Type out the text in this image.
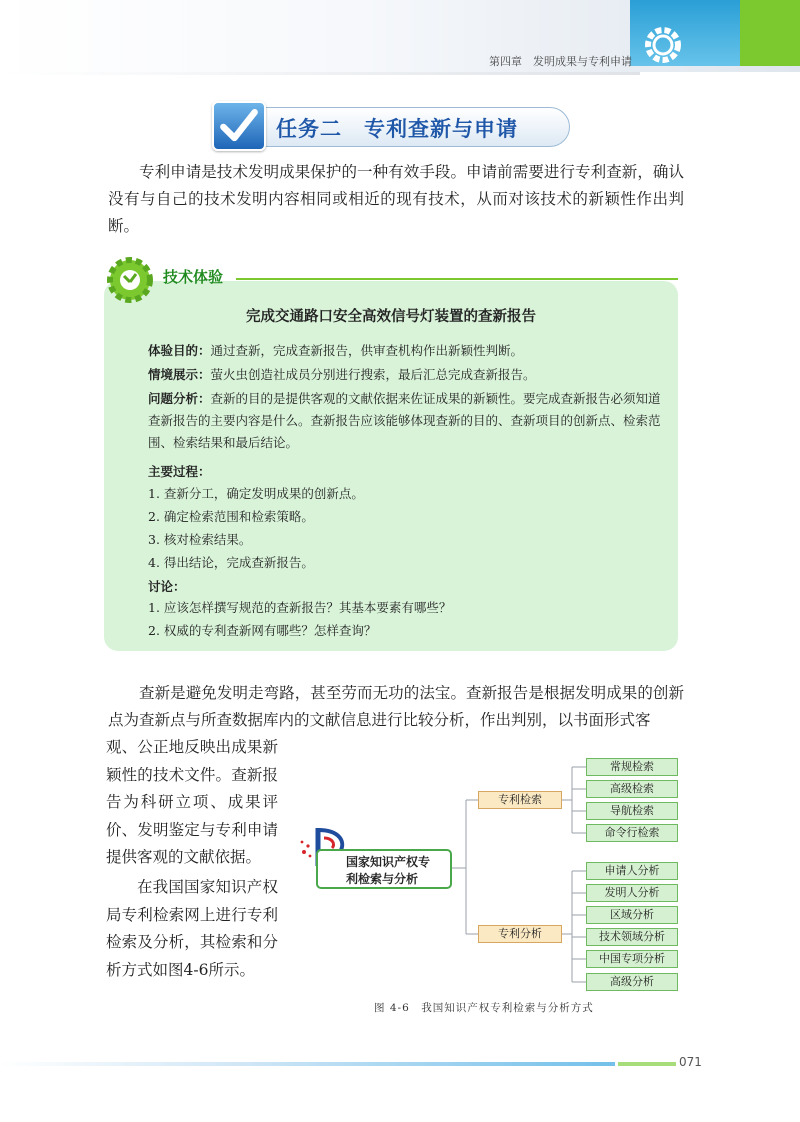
第四章　发明成果与专利申请
任务二　专利查新与申请
专利申请是技术发明成果保护的一种有效手段。申请前需要进行专利查新，确认没有与自己的技术发明内容相同或相近的现有技术，从而对该技术的新颖性作出判断。
技术体验
完成交通路口安全高效信号灯装置的查新报告
体验目的：通过查新，完成查新报告，供审查机构作出新颖性判断。
情境展示：萤火虫创造社成员分别进行搜索，最后汇总完成查新报告。
问题分析：查新的目的是提供客观的文献依据来佐证成果的新颖性。要完成查新报告必须知道查新报告的主要内容是什么。查新报告应该能够体现查新的目的、查新项目的创新点、检索范围、检索结果和最后结论。
主要过程：
1. 查新分工，确定发明成果的创新点。
2. 确定检索范围和检索策略。
3. 核对检索结果。
4. 得出结论，完成查新报告。
讨论：
1. 应该怎样撰写规范的查新报告？其基本要素有哪些？
2. 权威的专利查新网有哪些？怎样查询？
查新是避免发明走弯路，甚至劳而无功的法宝。查新报告是根据发明成果的创新点为查新点与所查数据库内的文献信息进行比较分析，作出判别，以书面形式客
观、公正地反映出成果新颖性的技术文件。查新报告为科研立项、成果评价、发明鉴定与专利申请提供客观的文献依据。
在我国国家知识产权局专利检索网上进行专利检索及分析，其检索和分析方式如图4-6所示。
国家知识产权专
利检索与分析
专利检索
专利分析
常规检索
高级检索
导航检索
命令行检索
申请人分析
发明人分析
区域分析
技术领域分析
中国专项分析
高级分析
图 4-6　我国知识产权专利检索与分析方式
071
